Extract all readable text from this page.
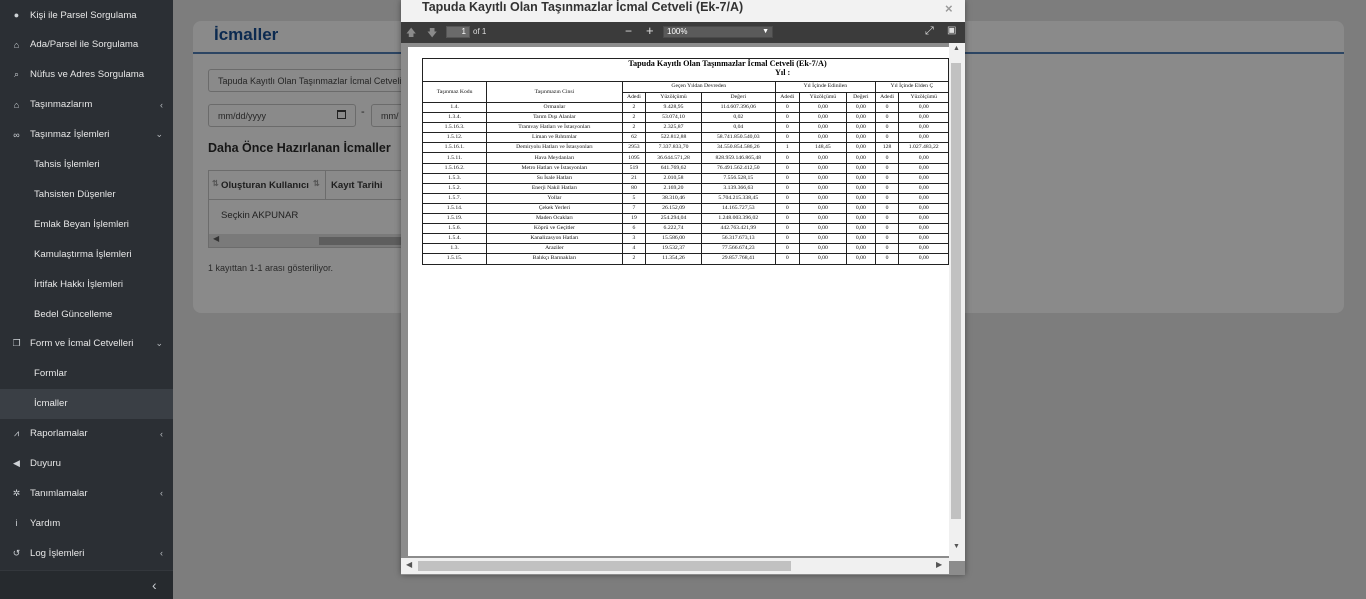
● Kişi ile Parsel Sorgulama
⌂ Ada/Parsel ile Sorgulama
⌕	Nüfus ve Adres Sorgulama
⌂ Taşınmazlarım	‹
∞ Taşınmaz İşlemleri	⌄
Tahsis İşlemleri
Tahsisten Düşenler
Emlak Beyan İşlemleri
Kamulaştırma İşlemleri
İrtifak Hakkı İşlemleri
Bedel Güncelleme
❐ Form ve İcmal Cetvelleri ⌄
Formlar
İcmaller
⩘	Raporlamalar	‹
◀ Duyuru
✲ Tanımlamalar	‹
i	Yardım
↺ Log İşlemleri	‹
‹
İcmaller
Tapuda Kayıtlı Olan Taşınmazlar İcmal Cetveli
mm/dd/yyyy	- mm/
Daha Önce Hazırlanan İcmaller
⇅ Oluşturan Kullanıcı ⇅ Kayıt Tarihi
Seçkin AKPUNAR
◀
1 kayıttan 1-1 arası gösteriliyor.
Tapuda Kayıtlı Olan Taşınmazlar İcmal Cetveli (Ek-7/A)	×
🡅 🡇	1 of 1	− +	100%	▼	⤢ ▣

Taşınmaz Kodu	Taşınmazın Cinsi	Geçen Yıldan Devreden			Yıl İçinde Edinilen			Yıl İçinde Elden Ç	
		Adedi	Yüzölçümü	Değeri	Adedi	Yüzölçümü	Değeri	Adedi	Yüzölçümü
1.4.	Ormanlar	2	9.428,95	114.607.396,06	0	0,00	0,00	0	0,00
1.3.4.	Tarım Dışı Alanlar	2	53.074,10	0,02	0	0,00	0,00	0	0,00
1.5.16.3.	Tramvay Hatları ve İstasyonları	2	2.325,87	0,04	0	0,00	0,00	0	0,00
1.5.12.	Liman ve Rıhtımlar	62	522.812,88	58.741.850.540,03	0	0,00	0,00	0	0,00
1.5.16.1.	Demiryolu Hatları ve İstasyonları	2953	7.337.833,70	34.550.854.586,26	1	148,45	0,00	128	1.027.483,22
1.5.11.	Hava Meydanları	1095	36.644.571,28	828.959.146.865,48	0	0,00	0,00	0	0,00
1.5.16.2.	Metro Hatları ve İstasyonları	519	641.769,62	76.491.562.412,50	0	0,00	0,00	0	0,00
1.5.3.	Su İsale Hatları	21	2.010,58	7.556.528,15	0	0,00	0,00	0	0,00
1.5.2.	Enerji Nakil Hatları	80	2.169,20	3.139.366,63	0	0,00	0,00	0	0,00
1.5.7.	Yollar	5	38.310,46	5.704.215.338,45	0	0,00	0,00	0	0,00
1.5.14.	Çekek Yerleri	7	26.152,09	14.165.727,53	0	0,00	0,00	0	0,00
1.5.19.	Maden Ocakları	19	254.294,04	1.248.003.396,02	0	0,00	0,00	0	0,00
1.5.6.	Köprü ve Geçitler	6	6.222,74	442.763.421,99	0	0,00	0,00	0	0,00
1.5.4.	Kanalizasyon Hatları	3	15.586,00	56.317.673,13	0	0,00	0,00	0	0,00
1.3.	Araziler	4	19.532,37	77.566.674,23	0	0,00	0,00	0	0,00
1.5.15.	Balıkçı Barınakları	2	11.354,26	29.857.768,41	0	0,00	0,00	0	0,00
Tapuda Kayıtlı Olan Taşınmazlar İcmal Cetveli (Ek-7/A)
Yıl :
▲
▼
◀	▶
